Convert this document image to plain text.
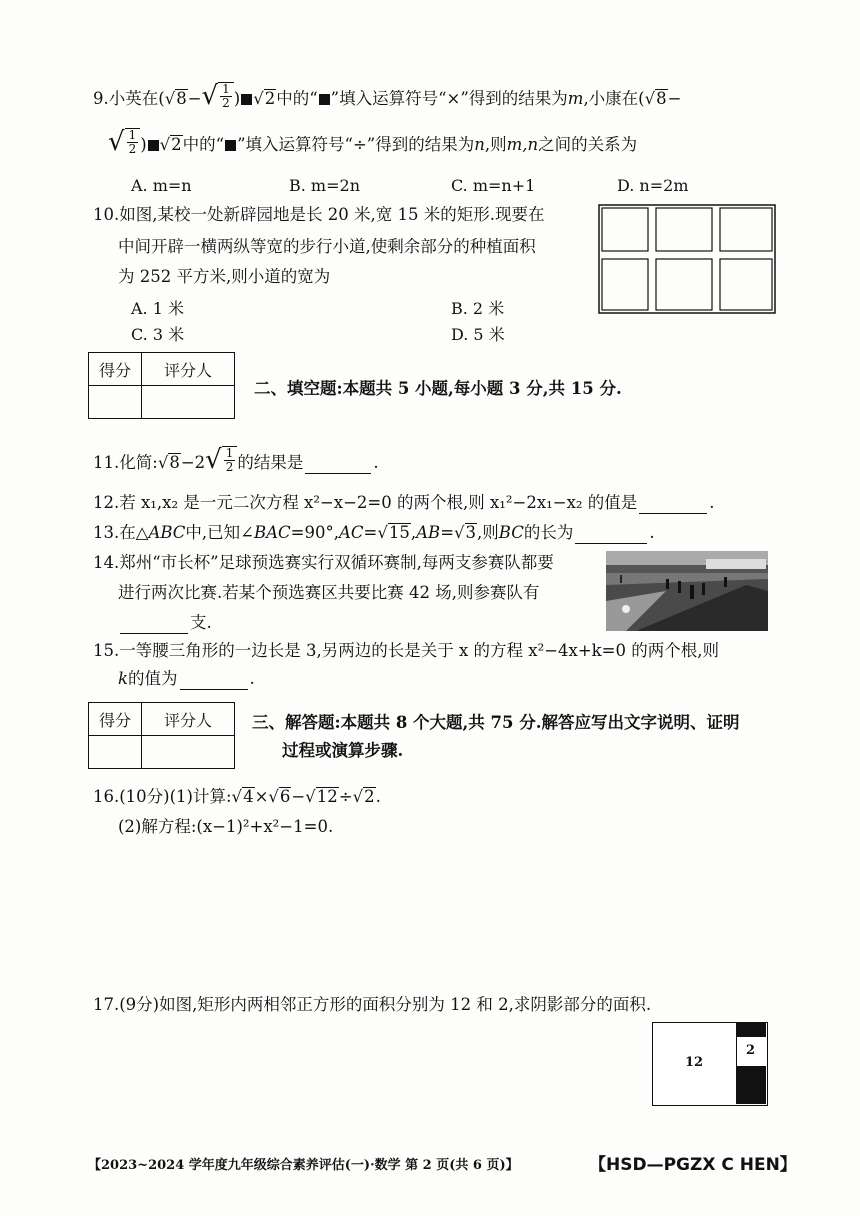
9.小英在(√8− √ $\frac{1}{2}$ ) √2中的“ ”填入运算符号“×”得到的结果为m,小康在(√8−
√ $\frac{1}{2}$ ) √2中的“ ”填入运算符号“÷”得到的结果为n,则m,n之间的关系为
A. m=n	B. m=2n	C. m=n+1	D. n=2m
10.如图,某校一处新辟园地是长 20 米,宽 15 米的矩形.现要在
中间开辟一横两纵等宽的步行小道,使剩余部分的种植面积
为 252 平方米,则小道的宽为
A. 1 米	B. 2 米
C. 3 米	D. 5 米
得分	评分人

二、填空题:本题共 5 小题,每小题 3 分,共 15 分.
11.化简:√8−2 √ $\frac{1}{2}$ 的结果是	.
12.若 x₁,x₂ 是一元二次方程 x²−x−2=0 的两个根,则 x₁²−2x₁−x₂ 的值是	.
13.在△ABC中,已知∠BAC=90°,AC=√15,AB=√3,则BC的长为	.
14.郑州“市长杯”足球预选赛实行双循环赛制,每两支参赛队都要
进行两次比赛.若某个预选赛区共要比赛 42 场,则参赛队有
支.
15.一等腰三角形的一边长是 3,另两边的长是关于 x 的方程 x²−4x+k=0 的两个根,则
k的值为	.
得分	评分人
	三、解答题:本题共 8 个大题,共 75 分.解答应写出文字说明、证明
过程或演算步骤.
16.(10分)(1)计算:√4×√6−√12÷√2.
(2)解方程:(x−1)²+x²−1=0.
17.(9分)如图,矩形内两相邻正方形的面积分别为 12 和 2,求阴影部分的面积.
12
2
【2023~2024 学年度九年级综合素养评估(一)·数学 第 2 页(共 6 页)】	【HSD—PGZX C HEN】
